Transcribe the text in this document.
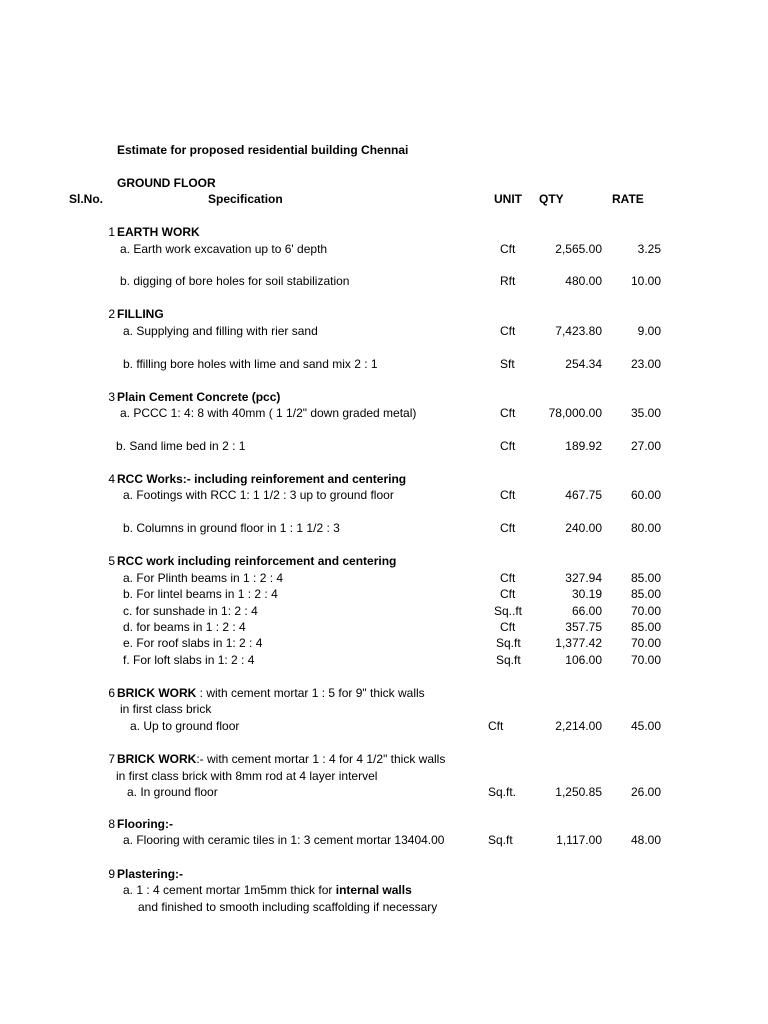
Estimate for proposed residential building Chennai
GROUND FLOOR
Sl.No.	Specification	UNIT QTY	RATE
1 EARTH WORK
a. Earth work excavation up to 6' depth	Cft	2,565.00	3.25
b. digging of bore holes for soil stabilization	Rft	480.00	10.00
2 FILLING
a. Supplying and filling with rier sand	Cft	7,423.80	9.00
b. ffilling bore holes with lime and sand mix 2 : 1	Sft	254.34	23.00
3 Plain Cement Concrete (pcc)
a. PCCC 1: 4: 8 with 40mm ( 1 1/2" down graded metal)	Cft	78,000.00	35.00
b. Sand lime bed in 2 : 1	Cft	189.92	27.00
4 RCC Works:- including reinforement and centering
a. Footings with RCC 1: 1 1/2 : 3 up to ground floor	Cft	467.75	60.00
b. Columns in ground floor in 1 : 1 1/2 : 3	Cft	240.00	80.00
5 RCC work including reinforcement and centering
a. For Plinth beams in 1 : 2 : 4	Cft	327.94	85.00
b. For lintel beams in 1 : 2 : 4	Cft	30.19	85.00
c. for sunshade in 1: 2 : 4	Sq..ft	66.00	70.00
d. for beams in 1 : 2 : 4	Cft	357.75	85.00
e. For roof slabs in 1: 2 : 4	Sq.ft	1,377.42	70.00
f. For loft slabs in 1: 2 : 4	Sq.ft	106.00	70.00
6 BRICK WORK : with cement mortar 1 : 5 for 9" thick walls
in first class brick
a. Up to ground floor	Cft	2,214.00	45.00
7 BRICK WORK:- with cement mortar 1 : 4 for 4 1/2" thick walls
in first class brick with 8mm rod at 4 layer intervel
a. In ground floor	Sq.ft.	1,250.85	26.00
8 Flooring:-
a. Flooring with ceramic tiles in 1: 3 cement mortar 13404.00	Sq.ft	1,117.00	48.00
9 Plastering:-
a. 1 : 4 cement mortar 1m5mm thick for internal walls
and finished to smooth including scaffolding if necessary
